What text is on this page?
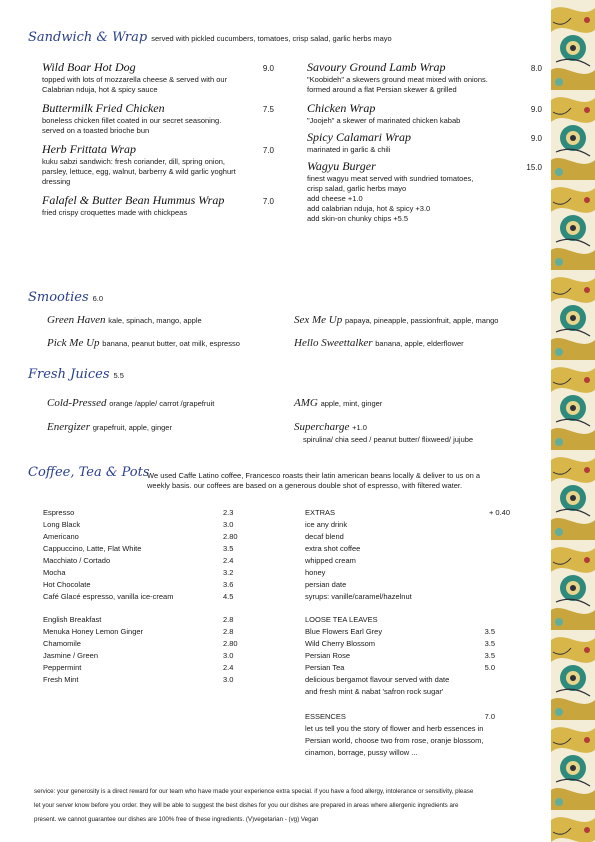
Sandwich & Wrap served with pickled cucumbers, tomatoes, crisp salad, garlic herbs mayo
Wild Boar Hot Dog	9.0
topped with lots of mozzarella cheese & served with our
Calabrian nduja, hot & spicy sauce
Buttermilk Fried Chicken	7.5
boneless chicken fillet coated in our secret seasoning.
served on a toasted brioche bun
Herb Frittata Wrap	7.0
kuku sabzi sandwich: fresh coriander, dill, spring onion,
parsley, lettuce, egg, walnut, barberry & wild garlic yoghurt
dressing
Falafel & Butter Bean Hummus Wrap	7.0
fried crispy croquettes made with chickpeas
Savoury Ground Lamb Wrap	8.0
"Koobideh" a skewers ground meat mixed with onions.
formed around a flat Persian skewer & grilled
Chicken Wrap	9.0
"Joojeh" a skewer of marinated chicken kabab
Spicy Calamari Wrap	9.0
marinated in garlic & chili
Wagyu Burger	15.0
finest wagyu meat served with sundried tomatoes,
crisp salad, garlic herbs mayo
add cheese +1.0
add calabrian nduja, hot & spicy +3.0
add skin-on chunky chips +5.5
Smooties 6.0
Green Haven kale, spinach, mango, apple	Sex Me Up papaya, pineapple, passionfruit, apple, mango
Pick Me Up banana, peanut butter, oat milk, espresso	Hello Sweettalker banana, apple, elderflower
Fresh Juices 5.5
Cold-Pressed orange /apple/ carrot /grapefruit	AMG apple, mint, ginger
Energizer grapefruit, apple, ginger	Supercharge +1.0
spirulina/ chia seed / peanut butter/ flixweed/ jujube
Coffee, Tea & Pots
We used Caffe Latino coffee, Francesco roasts their latin american beans locally & deliver to us on a
weekly basis. our coffees are based on a generous double shot of espresso, with filtered water.
Espresso	2.3
Long Black	3.0
Americano	2.80
Cappuccino, Latte, Flat White	3.5
Macchiato / Cortado	2.4
Mocha	3.2
Hot Chocolate	3.6
Café Glacé espresso, vanilla ice-cream	4.5
English Breakfast	2.8
Menuka Honey Lemon Ginger	2.8
Chamomile	2.80
Jasmine / Green	3.0
Peppermint	2.4
Fresh Mint	3.0
EXTRAS	+ 0.40
ice any drink
decaf blend
extra shot coffee
whipped cream
honey
persian date
syrups: vanille/caramel/hazelnut
LOOSE TEA LEAVES
Blue Flowers Earl Grey	3.5
Wild Cherry Blossom	3.5
Persian Rose	3.5
Persian Tea	5.0
delicious bergamot flavour served with date
and fresh mint & nabat 'safron rock sugar'
ESSENCES	7.0
let us tell you the story of flower and herb essences in
Persian world, choose two from rose, oranje blossom,
cinamon, borrage, pussy willow ...
service: your generosity is a direct reward for our team who have made your experience extra special. if you have a food allergy, intolerance or sensitivity, please
let your server know before you order. they will be able to suggest the best dishes for you our dishes are prepared in areas where allergenic ingredients are
present. we cannot guarantee our dishes are 100% free of these ingredients. (V)vegetarian - (vg) Vegan
